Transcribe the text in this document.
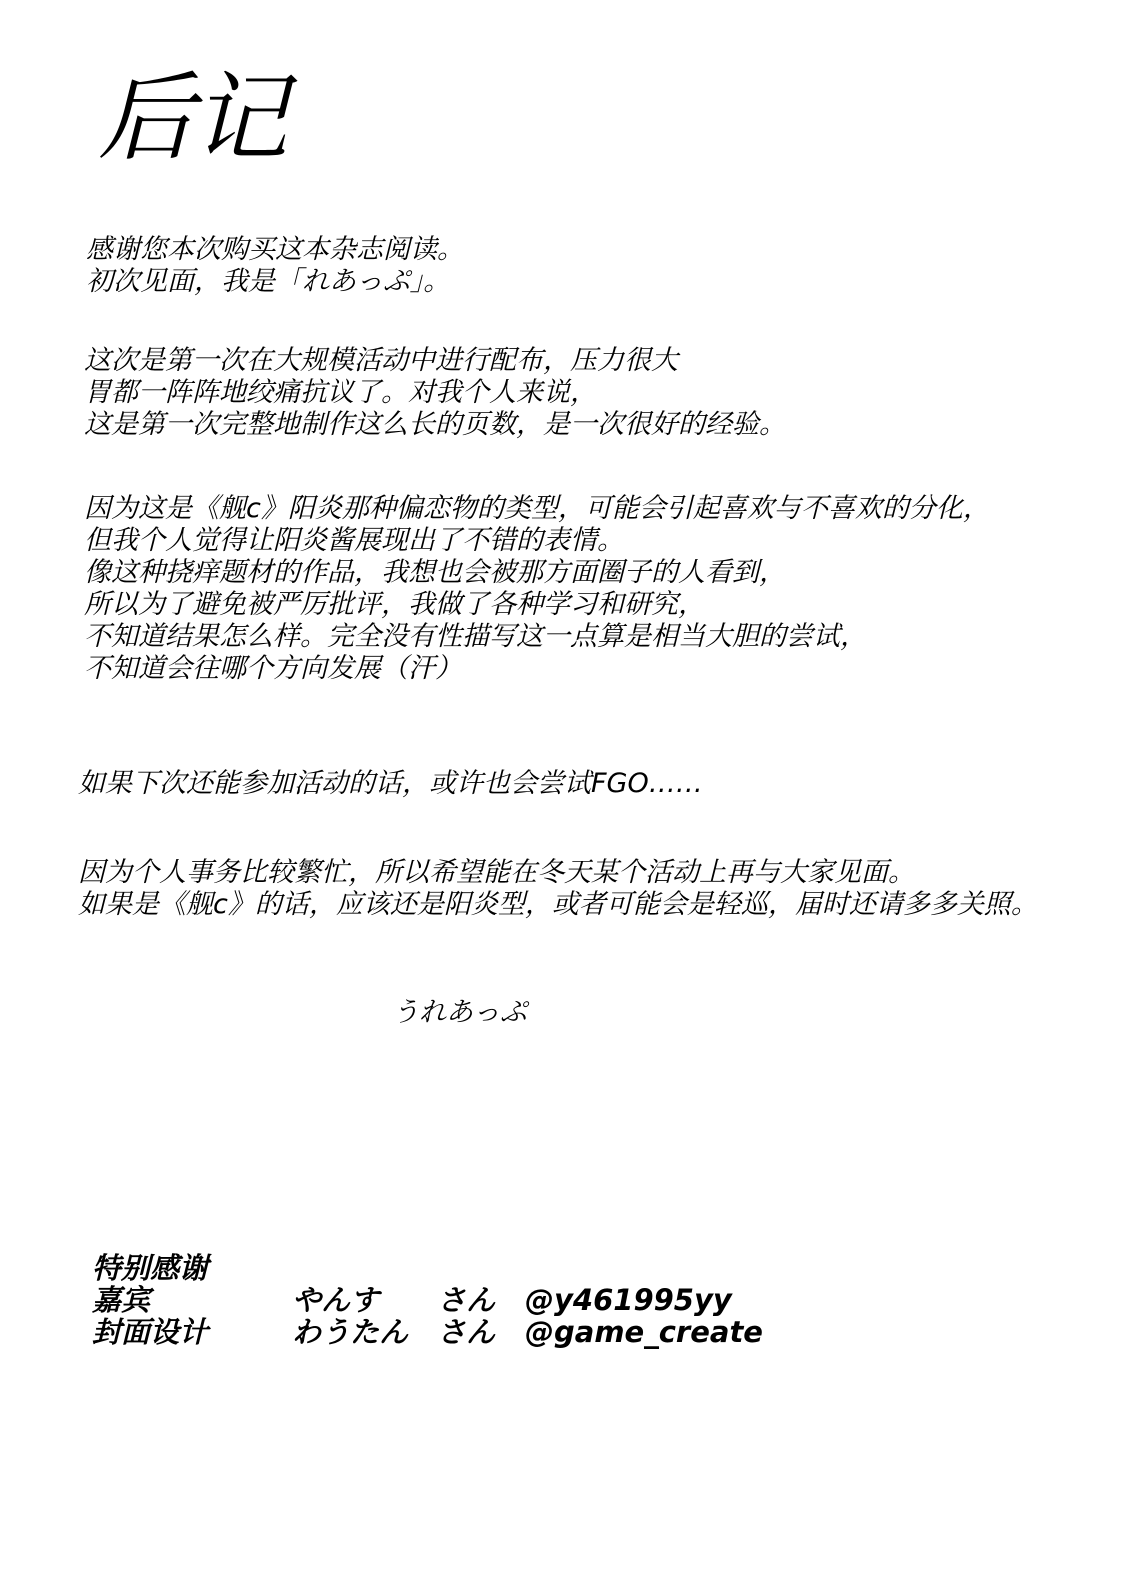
后记

感谢您本次购买这本杂志阅读。
初次见面，我是「れあっぷ」。

这次是第一次在大规模活动中进行配布，压力很大
胃都一阵阵地绞痛抗议了。对我个人来说，
这是第一次完整地制作这么长的页数，是一次很好的经验。

因为这是《舰c》阳炎那种偏恋物的类型，可能会引起喜欢与不喜欢的分化，
但我个人觉得让阳炎酱展现出了不错的表情。
像这种挠痒题材的作品，我想也会被那方面圈子的人看到，
所以为了避免被严厉批评，我做了各种学习和研究，
不知道结果怎么样。完全没有性描写这一点算是相当大胆的尝试，
不知道会往哪个方向发展（汗）

如果下次还能参加活动的话，或许也会尝试FGO……

因为个人事务比较繁忙，所以希望能在冬天某个活动上再与大家见面。
如果是《舰c》的话，应该还是阳炎型，或者可能会是轻巡，届时还请多多关照。

うれあっぷ
特别感谢
嘉宾	やんす さん @y461995yy
封面设计	わうたん さん @game_create
